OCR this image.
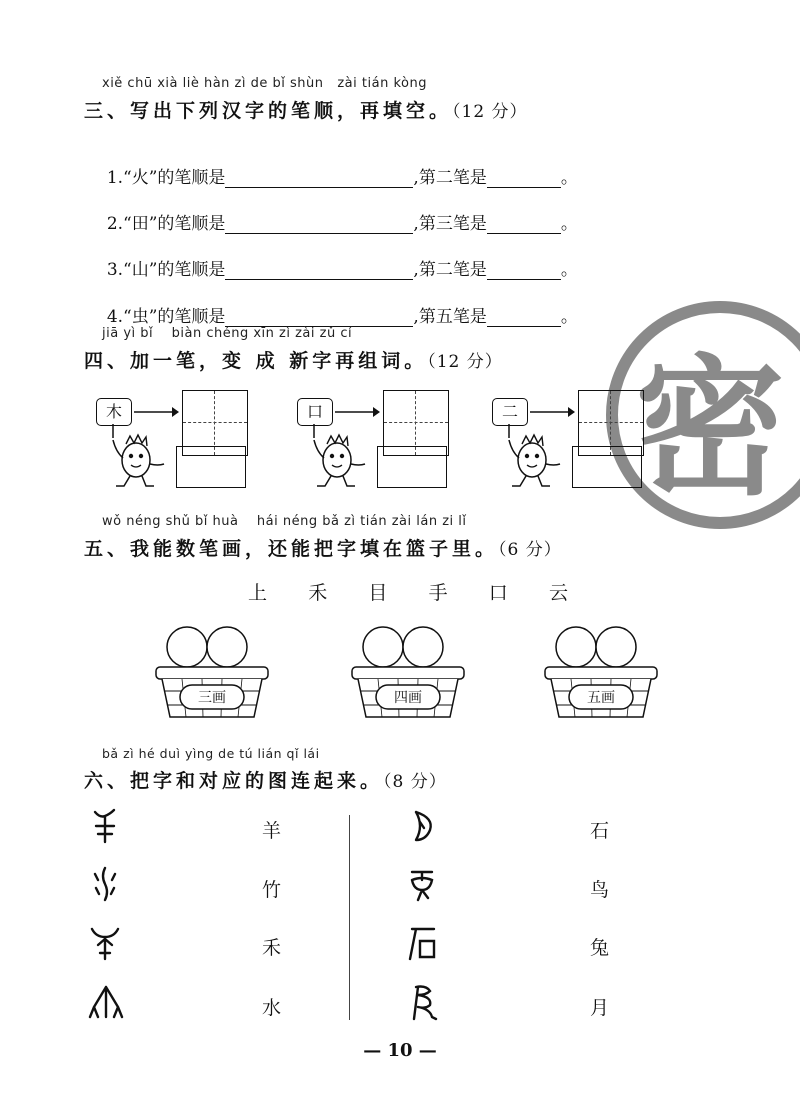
xiě chū xià liè hàn zì de bǐ shùn   zài tián kòng
三、写出下列汉字的笔顺，再填空。（12 分）

1.“火”的笔顺是	,第二笔是	。

2.“田”的笔顺是	,第三笔是	。

3.“山”的笔顺是	,第二笔是	。

4.“虫”的笔顺是	,第五笔是	。

jiā yì bǐ    biàn chéng xīn zì zài zǔ cí
四、加一笔，变 成 新字再组词。（12 分） 密
木	口	二
wǒ néng shǔ bǐ huà    hái néng bǎ zì tián zài lán zi lǐ
五、我能数笔画，还能把字填在篮子里。（6 分）
上 禾 目 手 口 云
三画	四画	五画
bǎ zì hé duì yìng de tú lián qǐ lái
六、把字和对应的图连起来。（8 分）
羊
竹
禾
水
石
鸟
兔
月
— 10 —
